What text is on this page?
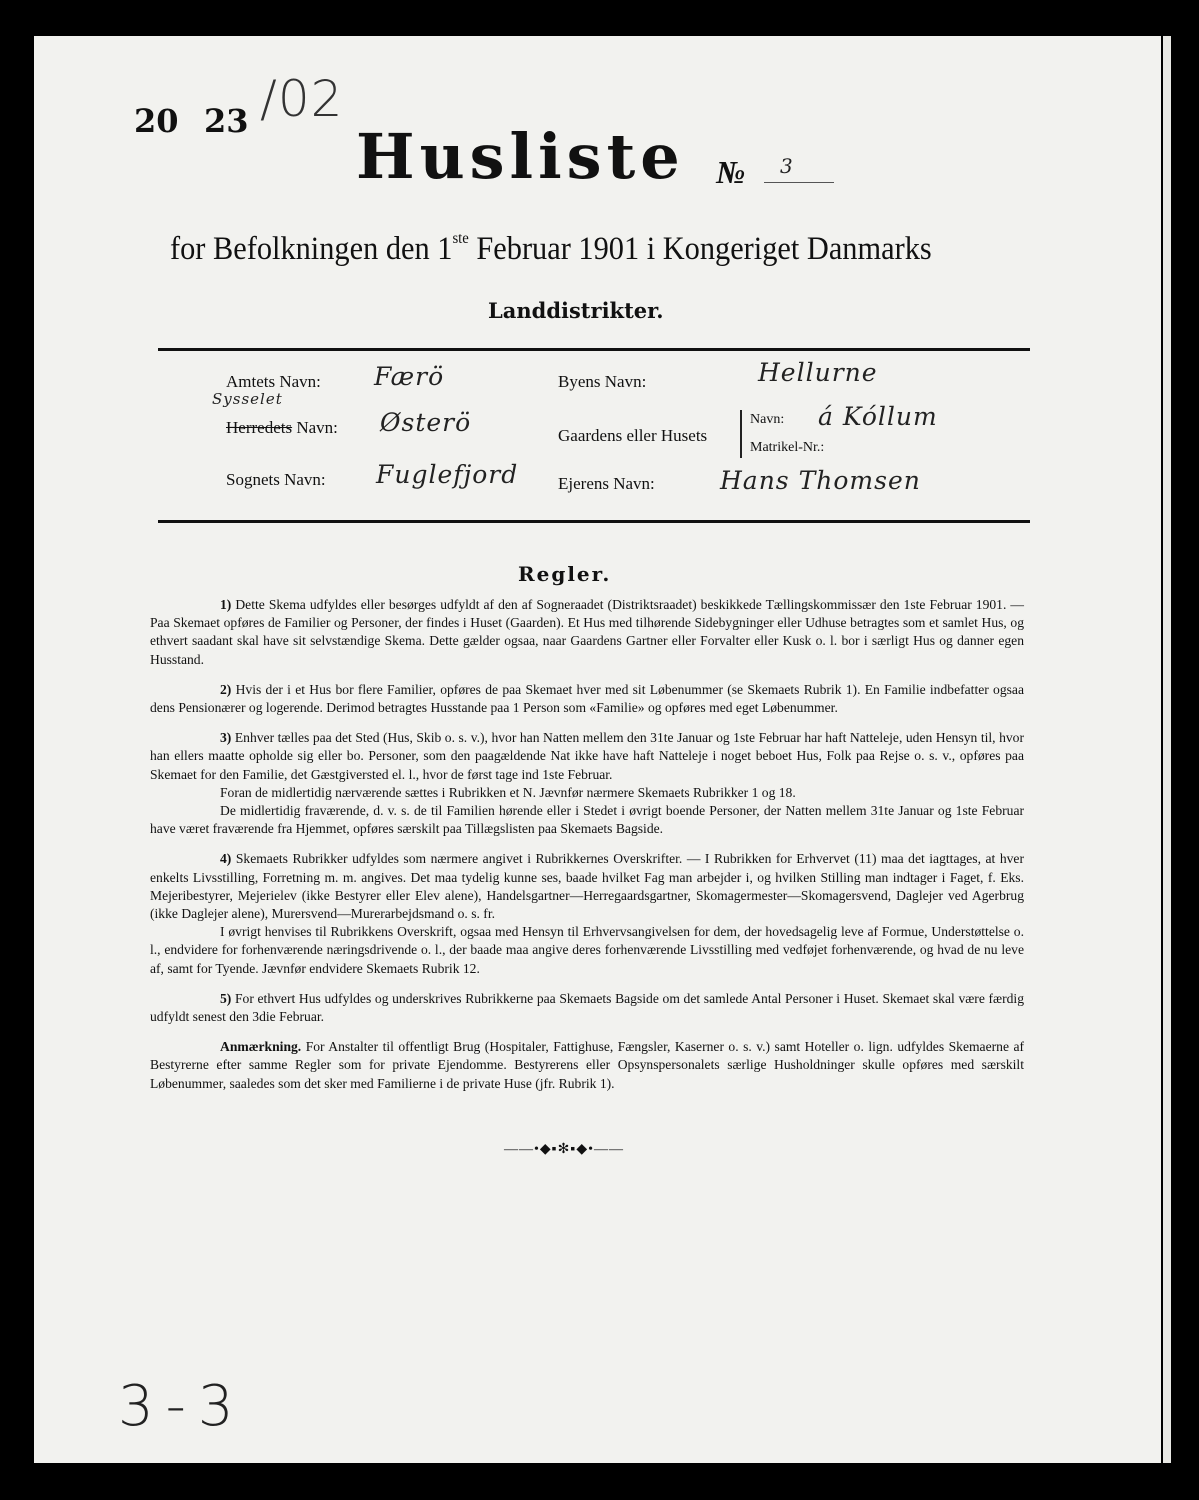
20 23 /02
Husliste № 3
for Befolkningen den 1ste Februar 1901 i Kongeriget Danmarks
Landdistrikter.
Amtets Navn: Færö
Sysselet
Herredets Navn: Østerö
Sognets Navn: Fuglefjord
Byens Navn:	Hellurne
Gaardens eller Husets
Navn: á Kóllum
Matrikel-Nr.:
Ejerens Navn:	Hans Thomsen
Regler.

1) Dette Skema udfyldes eller besørges udfyldt af den af Sogneraadet (Distriktsraadet) beskikkede Tællingskommissær den 1ste Februar 1901. — Paa Skemaet opføres de Familier og Personer, der findes i Huset (Gaarden). Et Hus med tilhørende Sidebygninger eller Udhuse betragtes som et samlet Hus, og ethvert saadant skal have sit selvstændige Skema. Dette gælder ogsaa, naar Gaardens Gartner eller Forvalter eller Kusk o. l. bor i særligt Hus og danner egen Husstand.

2) Hvis der i et Hus bor flere Familier, opføres de paa Skemaet hver med sit Løbenummer (se Skemaets Rubrik 1). En Familie indbefatter ogsaa dens Pensionærer og logerende. Derimod betragtes Husstande paa 1 Person som «Familie» og opføres med eget Løbenummer.

3) Enhver tælles paa det Sted (Hus, Skib o. s. v.), hvor han Natten mellem den 31te Januar og 1ste Februar har haft Natteleje, uden Hensyn til, hvor han ellers maatte opholde sig eller bo. Personer, som den paagældende Nat ikke have haft Natteleje i noget beboet Hus, Folk paa Rejse o. s. v., opføres paa Skemaet for den Familie, det Gæstgiversted el. l., hvor de først tage ind 1ste Februar.

Foran de midlertidig nærværende sættes i Rubrikken et N. Jævnfør nærmere Skemaets Rubrikker 1 og 18.

De midlertidig fraværende, d. v. s. de til Familien hørende eller i Stedet i øvrigt boende Personer, der Natten mellem 31te Januar og 1ste Februar have været fraværende fra Hjemmet, opføres særskilt paa Tillægslisten paa Skemaets Bagside.

4) Skemaets Rubrikker udfyldes som nærmere angivet i Rubrikkernes Overskrifter. — I Rubrikken for Erhvervet (11) maa det iagttages, at hver enkelts Livsstilling, Forretning m. m. angives. Det maa tydelig kunne ses, baade hvilket Fag man arbejder i, og hvilken Stilling man indtager i Faget, f. Eks. Mejeribestyrer, Mejerielev (ikke Bestyrer eller Elev alene), Handelsgartner—Herregaardsgartner, Skomagermester—Skomagersvend, Daglejer ved Agerbrug (ikke Daglejer alene), Murersvend—Murerarbejdsmand o. s. fr.

I øvrigt henvises til Rubrikkens Overskrift, ogsaa med Hensyn til Erhvervsangivelsen for dem, der hovedsagelig leve af Formue, Understøttelse o. l., endvidere for forhenværende næringsdrivende o. l., der baade maa angive deres forhenværende Livsstilling med vedføjet forhenværende, og hvad de nu leve af, samt for Tyende. Jævnfør endvidere Skemaets Rubrik 12.

5) For ethvert Hus udfyldes og underskrives Rubrikkerne paa Skemaets Bagside om det samlede Antal Personer i Huset. Skemaet skal være færdig udfyldt senest den 3die Februar.

Anmærkning. For Anstalter til offentligt Brug (Hospitaler, Fattighuse, Fængsler, Kaserner o. s. v.) samt Hoteller o. lign. udfyldes Skemaerne af Bestyrerne efter samme Regler som for private Ejendomme. Bestyrerens eller Opsynspersonalets særlige Husholdninger skulle opføres med særskilt Løbenummer, saaledes som det sker med Familierne i de private Huse (jfr. Rubrik 1).

——•◆▪✻▪◆•——
3-3
